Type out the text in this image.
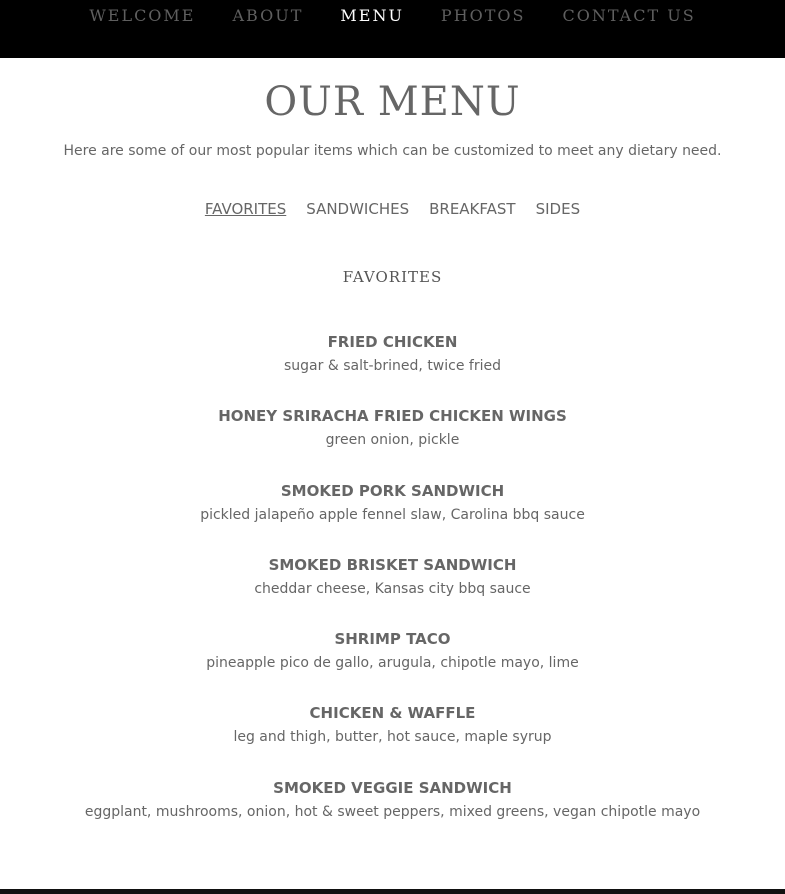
WELCOME ABOUT MENU PHOTOS CONTACT US
OUR MENU

Here are some of our most popular items which can be customized to meet any dietary need.

FAVORITES SANDWICHES BREAKFAST SIDES
FAVORITES
FRIED CHICKEN
sugar & salt-brined, twice fried
HONEY SRIRACHA FRIED CHICKEN WINGS
green onion, pickle
SMOKED PORK SANDWICH
pickled jalapeño apple fennel slaw, Carolina bbq sauce
SMOKED BRISKET SANDWICH
cheddar cheese, Kansas city bbq sauce
SHRIMP TACO
pineapple pico de gallo, arugula, chipotle mayo, lime
CHICKEN & WAFFLE
leg and thigh, butter, hot sauce, maple syrup
SMOKED VEGGIE SANDWICH
eggplant, mushrooms, onion, hot & sweet peppers, mixed greens, vegan chipotle mayo
